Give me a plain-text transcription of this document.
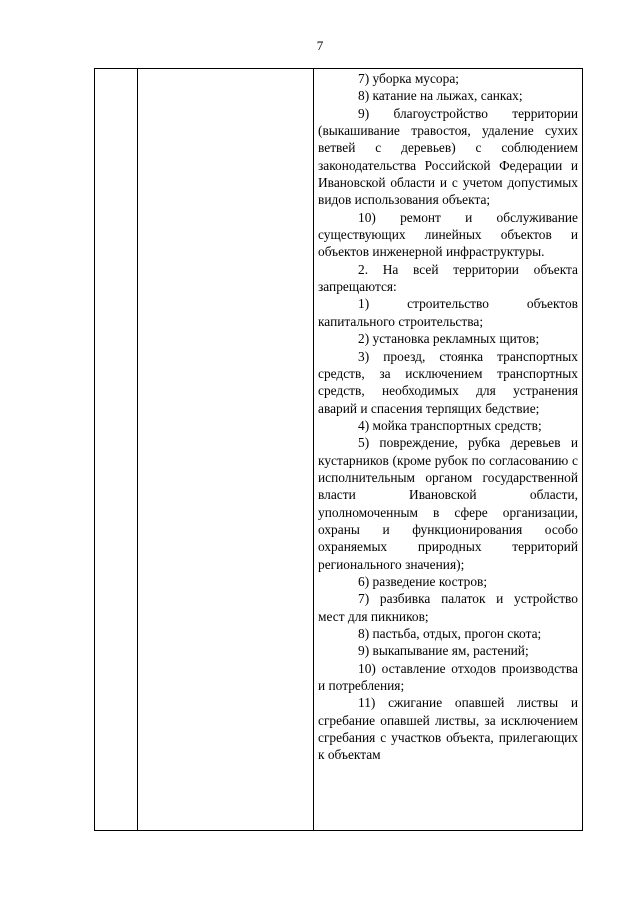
7

7) уборка мусора;

8) катание на лыжах, санках;

9) благоустройство территории (выкашивание травостоя, удаление сухих ветвей с деревьев) с соблюдением законодательства Российской Федерации и Ивановской области и с учетом допустимых видов использования объекта;

10) ремонт и обслуживание существующих линейных объектов и объектов инженерной инфраструктуры.

2. На всей территории объекта запрещаются:

1) строительство объектов капитального строительства;

2) установка рекламных щитов;

3) проезд, стоянка транспортных средств, за исключением транспортных средств, необходимых для устранения аварий и спасения терпящих бедствие;

4) мойка транспортных средств;

5) повреждение, рубка деревьев и кустарников (кроме рубок по согласованию с исполнительным органом государственной власти Ивановской области, уполномоченным в сфере организации, охраны и функционирования особо охраняемых природных территорий регионального значения);

6) разведение костров;

7) разбивка палаток и устройство мест для пикников;

8) пастьба, отдых, прогон скота;

9) выкапывание ям, растений;

10) оставление отходов производства и потребления;

11) сжигание опавшей листвы и сгребание опавшей листвы, за исключением сгребания с участков объекта, прилегающих к объектам
